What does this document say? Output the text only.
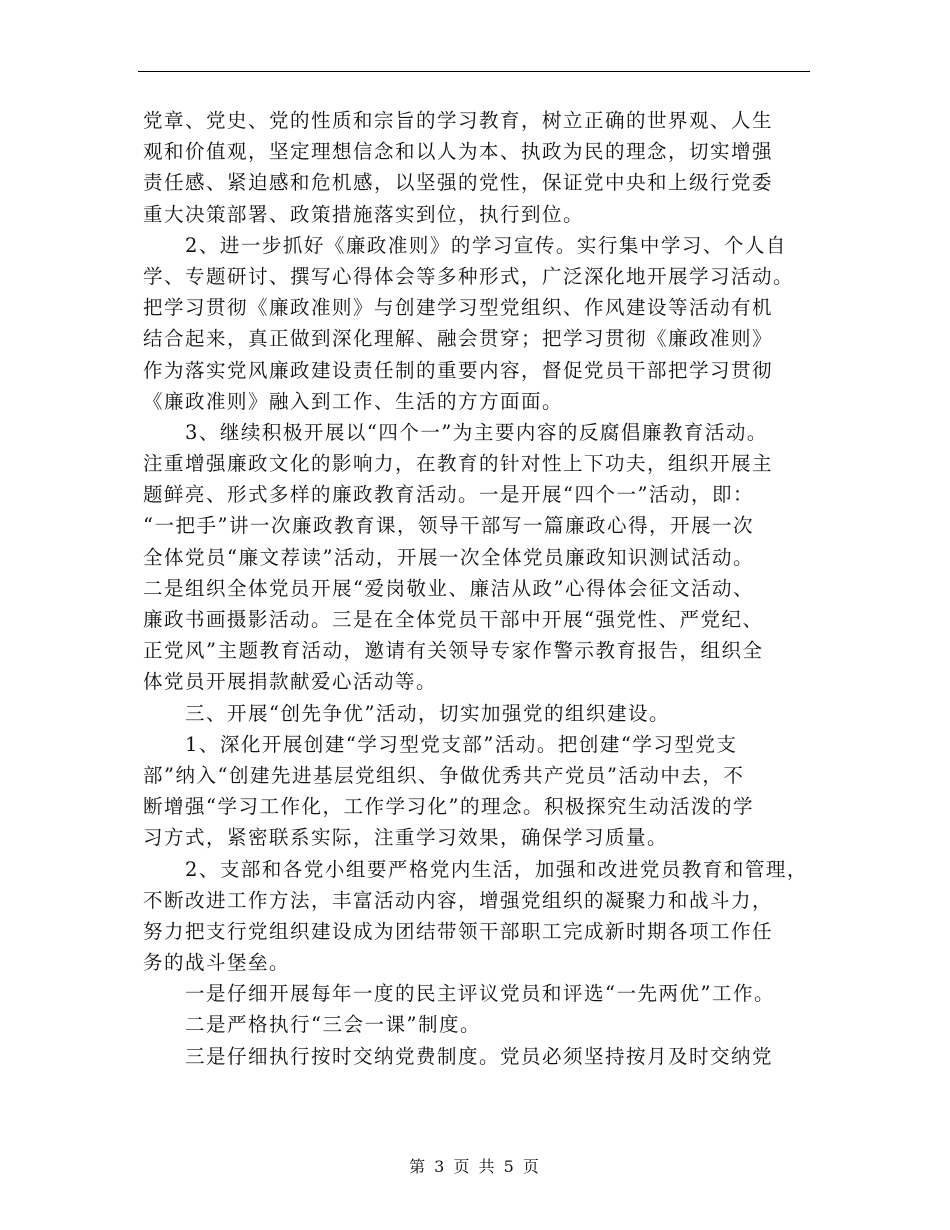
党章、党史、党的性质和宗旨的学习教育，树立正确的世界观、人生
观和价值观，坚定理想信念和以人为本、执政为民的理念，切实增强
责任感、紧迫感和危机感，以坚强的党性，保证党中央和上级行党委
重大决策部署、政策措施落实到位，执行到位。
　　2、进一步抓好《廉政准则》的学习宣传。实行集中学习、个人自
学、专题研讨、撰写心得体会等多种形式，广泛深化地开展学习活动。
把学习贯彻《廉政准则》与创建学习型党组织、作风建设等活动有机
结合起来，真正做到深化理解、融会贯穿；把学习贯彻《廉政准则》
作为落实党风廉政建设责任制的重要内容，督促党员干部把学习贯彻
《廉政准则》融入到工作、生活的方方面面。
　　3、继续积极开展以“四个一”为主要内容的反腐倡廉教育活动。
注重增强廉政文化的影响力，在教育的针对性上下功夫，组织开展主
题鲜亮、形式多样的廉政教育活动。一是开展“四个一”活动，即：
“一把手”讲一次廉政教育课，领导干部写一篇廉政心得，开展一次
全体党员“廉文荐读”活动，开展一次全体党员廉政知识测试活动。
二是组织全体党员开展“爱岗敬业、廉洁从政”心得体会征文活动、
廉政书画摄影活动。三是在全体党员干部中开展“强党性、严党纪、
正党风”主题教育活动，邀请有关领导专家作警示教育报告，组织全
体党员开展捐款献爱心活动等。
　　三、开展“创先争优”活动，切实加强党的组织建设。
　　1、深化开展创建“学习型党支部”活动。把创建“学习型党支
部”纳入“创建先进基层党组织、争做优秀共产党员”活动中去，不
断增强“学习工作化，工作学习化”的理念。积极探究生动活泼的学
习方式，紧密联系实际，注重学习效果，确保学习质量。
　　2、支部和各党小组要严格党内生活，加强和改进党员教育和管理，
不断改进工作方法，丰富活动内容，增强党组织的凝聚力和战斗力，
努力把支行党组织建设成为团结带领干部职工完成新时期各项工作任
务的战斗堡垒。
　　一是仔细开展每年一度的民主评议党员和评选“一先两优”工作。
　　二是严格执行“三会一课”制度。
　　三是仔细执行按时交纳党费制度。党员必须坚持按月及时交纳党
第 3 页 共 5 页
